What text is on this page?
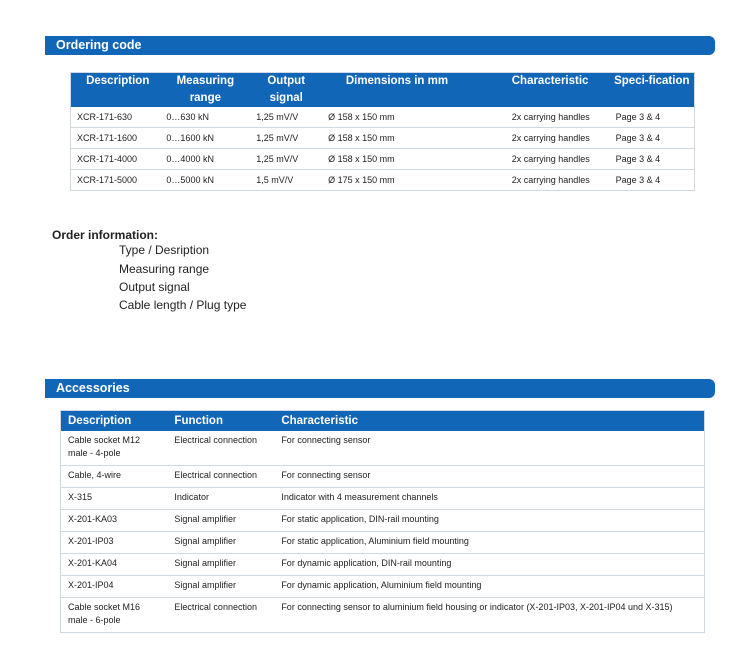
Ordering code
Description	Measuring range	Output signal	Dimensions in mm	Characteristic	Speci-fication
XCR-171-630	0…630 kN	1,25 mV/V	Ø 158 x 150 mm	2x carrying handles	Page 3 & 4
XCR-171-1600	0…1600 kN	1,25 mV/V	Ø 158 x 150 mm	2x carrying handles	Page 3 & 4
XCR-171-4000	0…4000 kN	1,25 mV/V	Ø 158 x 150 mm	2x carrying handles	Page 3 & 4
XCR-171-5000	0…5000 kN	1,5 mV/V	Ø 175 x 150 mm	2x carrying handles	Page 3 & 4
Order information:
Type / Desription
Measuring range
Output signal
Cable length / Plug type
Accessories
Description	Function	Characteristic
Cable socket M12 male - 4-pole	Electrical connection	For connecting sensor
Cable, 4-wire	Electrical connection	For connecting sensor
X-315	Indicator	Indicator with 4 measurement channels
X-201-KA03	Signal amplifier	For static application, DIN-rail mounting
X-201-IP03	Signal amplifier	For static application, Aluminium field mounting
X-201-KA04	Signal amplifier	For dynamic application, DIN-rail mounting
X-201-IP04	Signal amplifier	For dynamic application, Aluminium field mounting
Cable socket M16 male - 6-pole	Electrical connection	For connecting sensor to aluminium field housing or indicator (X-201-IP03, X-201-IP04 und X-315)
